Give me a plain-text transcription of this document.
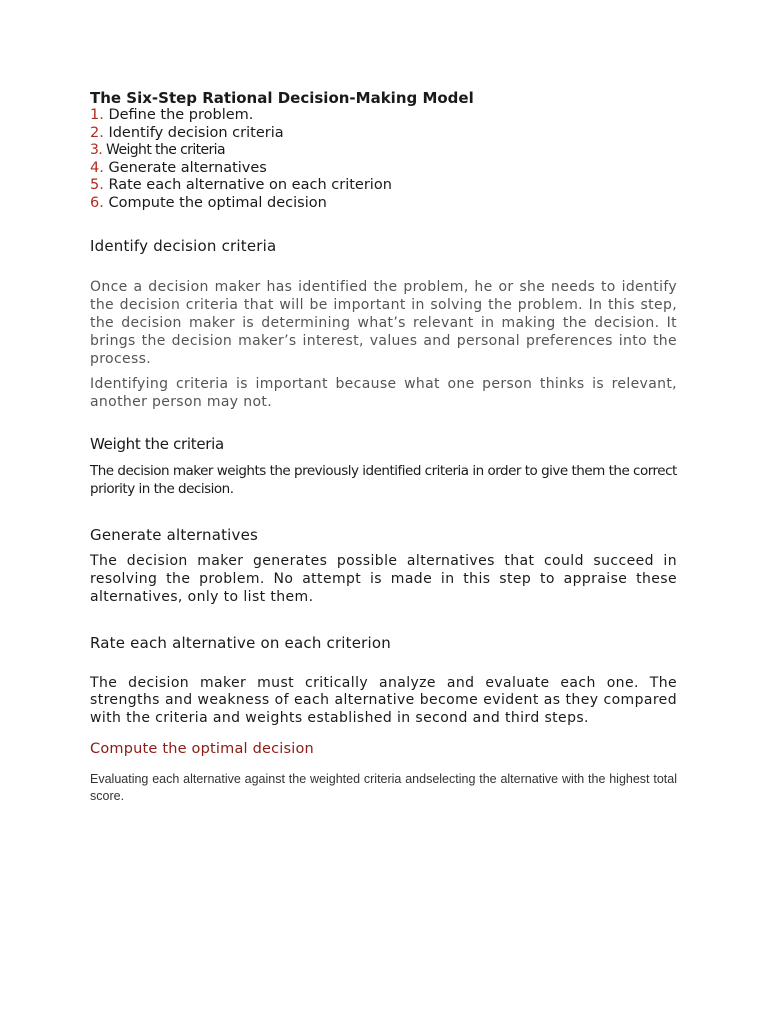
The Six-Step Rational Decision-Making Model

1. Define the problem.
2. Identify decision criteria
3. Weight the criteria
4. Generate alternatives
5. Rate each alternative on each criterion
6. Compute the optimal decision
Identify decision criteria

Once a decision maker has identified the problem, he or she needs to identify the decision criteria that will be important in solving the problem. In this step, the decision maker is determining what’s relevant in making the decision. It brings the decision maker’s interest, values and personal preferences into the process.

Identifying criteria is important because what one person thinks is relevant, another person may not.

Weight the criteria

The decision maker weights the previously identified criteria in order to give them the correct priority in the decision.

Generate alternatives

The decision maker generates possible alternatives that could succeed in resolving the problem. No attempt is made in this step to appraise these alternatives, only to list them.

Rate each alternative on each criterion

The decision maker must critically analyze and evaluate each one. The strengths and weakness of each alternative become evident as they compared with the criteria and weights established in second and third steps.

Compute the optimal decision

Evaluating each alternative against the weighted criteria andselecting the alternative with the highest total score.
